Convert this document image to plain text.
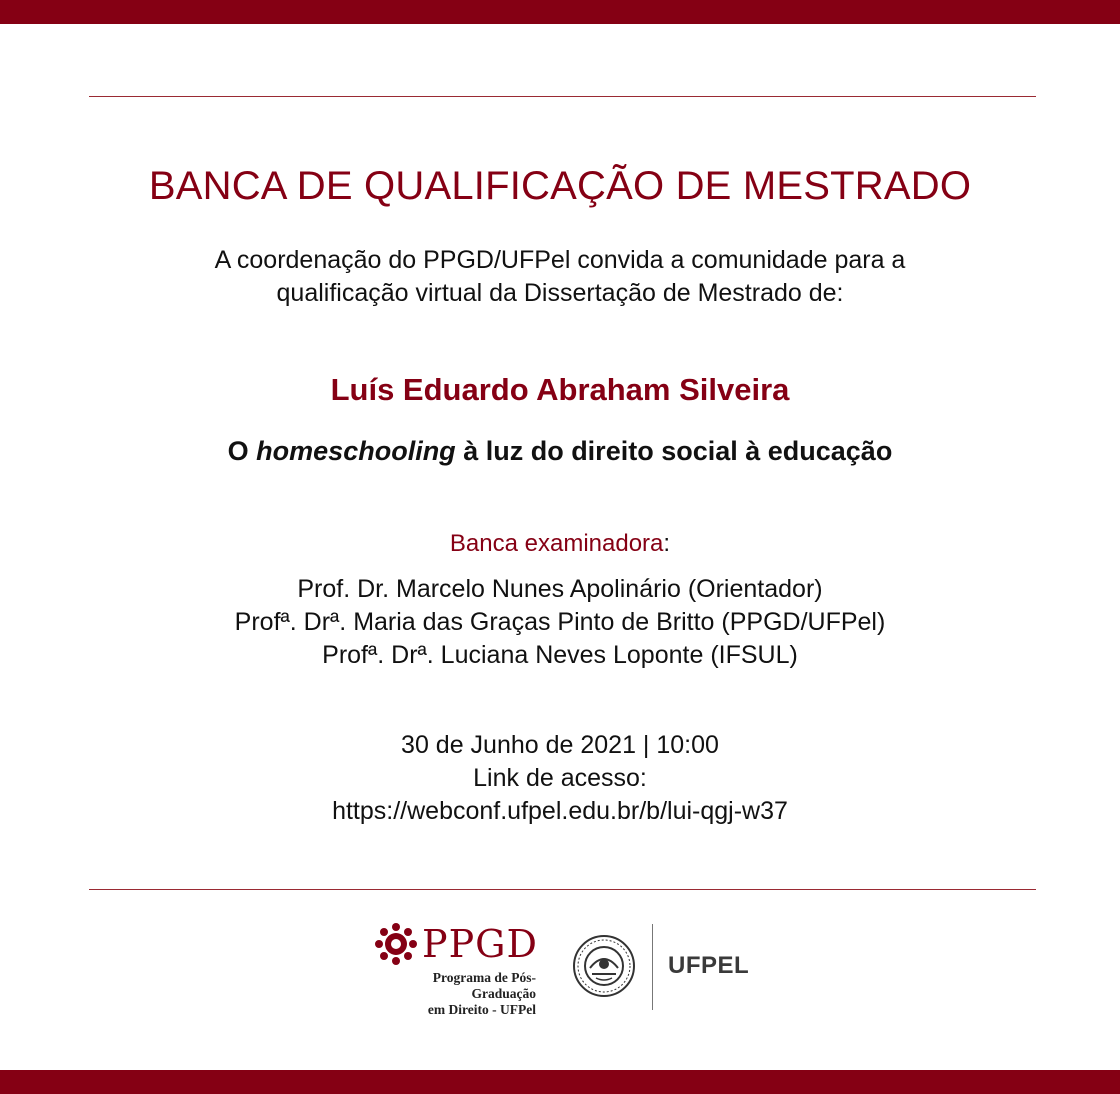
BANCA DE QUALIFICAÇÃO DE MESTRADO
A coordenação do PPGD/UFPel convida a comunidade para a
qualificação virtual da Dissertação de Mestrado de:
Luís Eduardo Abraham Silveira
O homeschooling à luz do direito social à educação
Banca examinadora:
Prof. Dr. Marcelo Nunes Apolinário (Orientador)
Profª. Drª. Maria das Graças Pinto de Britto (PPGD/UFPel)
Profª. Drª. Luciana Neves Loponte (IFSUL)
30 de Junho de 2021 | 10:00
Link de acesso:
https://webconf.ufpel.edu.br/b/lui-qgj-w37
PPGD
Programa de Pós-Graduação
em Direito - UFPel
UFPEL
